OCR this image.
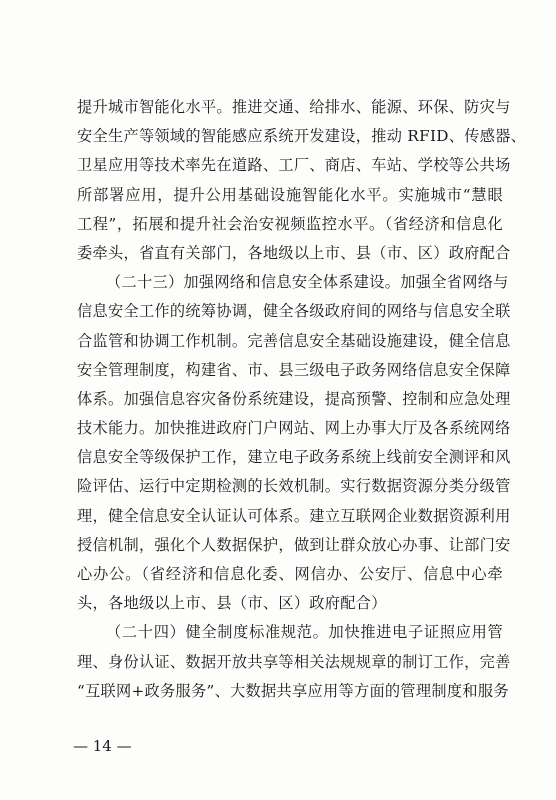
提升城市智能化水平。推进交通、给排水、能源、环保、防灾与
安全生产等领域的智能感应系统开发建设，推动 RFID、传感器、
卫星应用等技术率先在道路、工厂、商店、车站、学校等公共场
所部署应用，提升公用基础设施智能化水平。实施城市“慧眼
工程”，拓展和提升社会治安视频监控水平。（省经济和信息化
委牵头，省直有关部门，各地级以上市、县（市、区）政府配合
（二十三）加强网络和信息安全体系建设。加强全省网络与
信息安全工作的统筹协调，健全各级政府间的网络与信息安全联
合监管和协调工作机制。完善信息安全基础设施建设，健全信息
安全管理制度，构建省、市、县三级电子政务网络信息安全保障
体系。加强信息容灾备份系统建设，提高预警、控制和应急处理
技术能力。加快推进政府门户网站、网上办事大厅及各系统网络
信息安全等级保护工作，建立电子政务系统上线前安全测评和风
险评估、运行中定期检测的长效机制。实行数据资源分类分级管
理，健全信息安全认证认可体系。建立互联网企业数据资源利用
授信机制，强化个人数据保护，做到让群众放心办事、让部门安
心办公。（省经济和信息化委、网信办、公安厅、信息中心牵
头，各地级以上市、县（市、区）政府配合）
（二十四）健全制度标准规范。加快推进电子证照应用管
理、身份认证、数据开放共享等相关法规规章的制订工作，完善
“互联网+政务服务”、大数据共享应用等方面的管理制度和服务
— 14 —
